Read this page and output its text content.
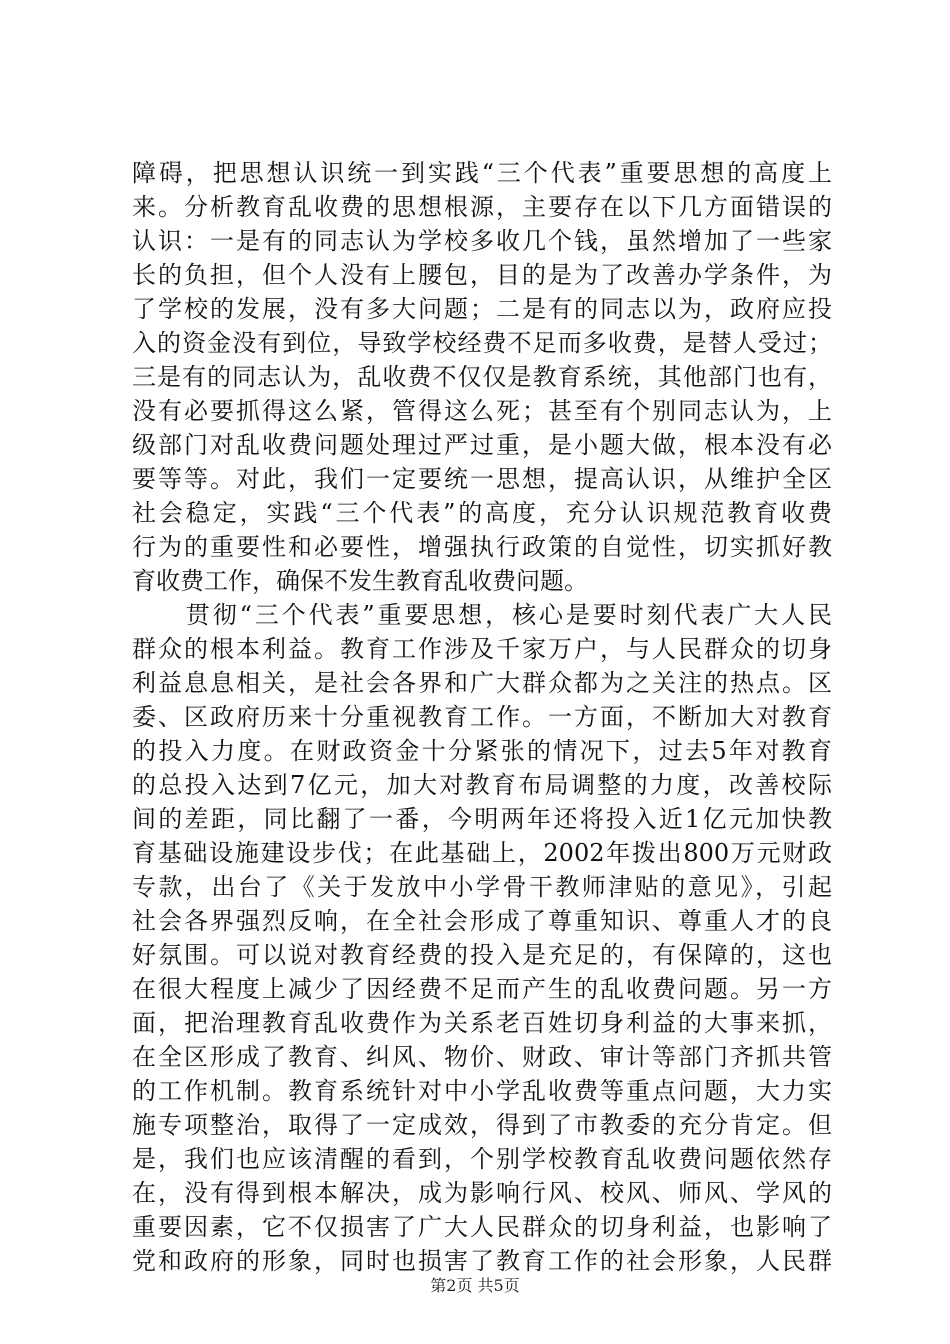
障碍，把思想认识统一到实践“三个代表”重要思想的高度上
来。分析教育乱收费的思想根源，主要存在以下几方面错误的
认识：一是有的同志认为学校多收几个钱，虽然增加了一些家
长的负担，但个人没有上腰包，目的是为了改善办学条件，为
了学校的发展，没有多大问题；二是有的同志以为，政府应投
入的资金没有到位，导致学校经费不足而多收费，是替人受过；
三是有的同志认为，乱收费不仅仅是教育系统，其他部门也有，
没有必要抓得这么紧，管得这么死；甚至有个别同志认为，上
级部门对乱收费问题处理过严过重，是小题大做，根本没有必
要等等。对此，我们一定要统一思想，提高认识，从维护全区
社会稳定，实践“三个代表”的高度，充分认识规范教育收费
行为的重要性和必要性，增强执行政策的自觉性，切实抓好教
育收费工作，确保不发生教育乱收费问题。
　　贯彻“三个代表”重要思想，核心是要时刻代表广大人民
群众的根本利益。教育工作涉及千家万户，与人民群众的切身
利益息息相关，是社会各界和广大群众都为之关注的热点。区
委、区政府历来十分重视教育工作。一方面，不断加大对教育
的投入力度。在财政资金十分紧张的情况下，过去5年对教育
的总投入达到7亿元，加大对教育布局调整的力度，改善校际
间的差距，同比翻了一番，今明两年还将投入近1亿元加快教
育基础设施建设步伐；在此基础上，2002年拨出800万元财政
专款，出台了《关于发放中小学骨干教师津贴的意见》，引起
社会各界强烈反响，在全社会形成了尊重知识、尊重人才的良
好氛围。可以说对教育经费的投入是充足的，有保障的，这也
在很大程度上减少了因经费不足而产生的乱收费问题。另一方
面，把治理教育乱收费作为关系老百姓切身利益的大事来抓，
在全区形成了教育、纠风、物价、财政、审计等部门齐抓共管
的工作机制。教育系统针对中小学乱收费等重点问题，大力实
施专项整治，取得了一定成效，得到了市教委的充分肯定。但
是，我们也应该清醒的看到，个别学校教育乱收费问题依然存
在，没有得到根本解决，成为影响行风、校风、师风、学风的
重要因素，它不仅损害了广大人民群众的切身利益，也影响了
党和政府的形象，同时也损害了教育工作的社会形象，人民群
第2页 共5页
